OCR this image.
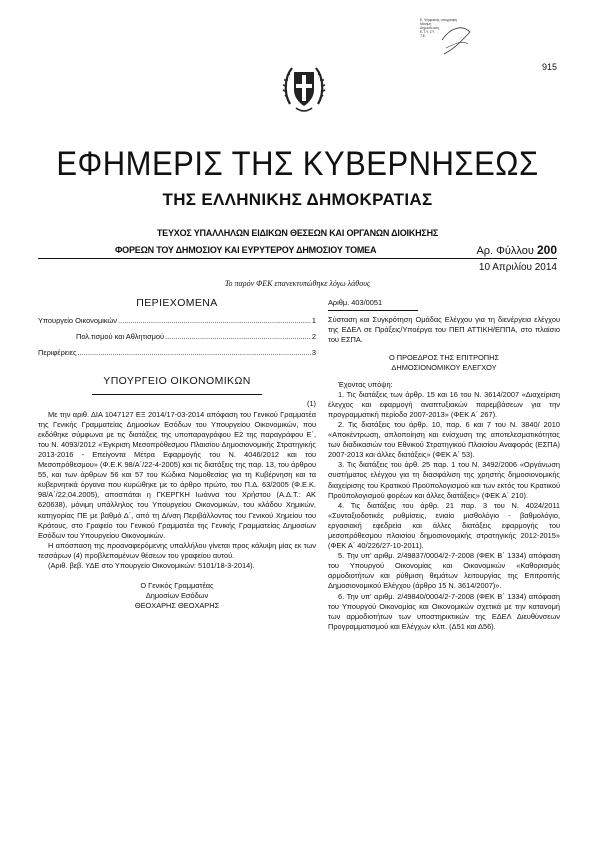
915
Ε. Ψηφιακής υπογραφή
Μόνιμη
Δημοσίευση
Ε.Τ.Υ. ΣΥ
Τ.Ε.
ΕΦΗΜΕΡΙΣ ΤΗΣ ΚΥΒΕΡΝΗΣΕΩΣ
ΤΗΣ ΕΛΛΗΝΙΚΗΣ ΔΗΜΟΚΡΑΤΙΑΣ
ΤΕΥΧΟΣ ΥΠΑΛΛΗΛΩΝ ΕΙΔΙΚΩΝ ΘΕΣΕΩΝ ΚΑΙ ΟΡΓΑΝΩΝ ΔΙΟΙΚΗΣΗΣ
ΦΟΡΕΩΝ ΤΟΥ ΔΗΜΟΣΙΟΥ ΚΑΙ ΕΥΡΥΤΕΡΟΥ ΔΗΜΟΣΙΟΥ ΤΟΜΕΑ	Αρ. Φύλλου 200
10 Απριλίου 2014
Το παρόν ΦΕΚ επανεκτυπώθηκε λόγω λάθους
ΠΕΡΙΕΧΟΜΕΝΑ
Υπουργείο Οικονομικών .....	1
Πολ.τισμού και Αθλητισμού .....	2
Περιφέρειες .....	3
ΥΠΟΥΡΓΕΙΟ ΟΙΚΟΝΟΜΙΚΩΝ
(1)

Με την αριθ. ΔΙΑ 1047127 ΕΞ 2014/17-03-2014 απόφαση του Γενικού Γραμματέα της Γενικής Γραμματείας Δημοσίων Εσόδων του Υπουργείου Οικονομικών, που εκδόθηκε σύμφωνα με τις διατάξεις της υποπαραγράφου Ε2 της παραγράφου Ε΄, του Ν. 4093/2012 «Έγκριση Μεσοπρόθεσμου Πλαισίου Δημοσιονομικής Στρατηγικής 2013-2016 - Επείγοντα Μέτρα Εφαρμογής του Ν. 4046/2012 και του Μεσοπρόθεσμου» (Φ.Ε.Κ 98/Α΄/22-4-2005) και τις διατάξεις της παρ. 13, του άρθρου 55, και των άρθρων 56 και 57 του Κώδικα Νομοθεσίας για τη Κυβέρνηση και τα κυβερνητικά όργανα που κυρώθηκε με το άρθρο πρώτο, του Π.Δ. 63/2005 (Φ.Ε.Κ. 98/Α΄/22.04.2005), αποσπάται η ΓΚΕΡΓΚΗ Ιωάννα του Χρήστου (Α.Δ.Τ.: ΑΚ 620638), μόνιμη υπάλληλος του Υπουργείου Οικονομικών, του κλάδου Χημικών, κατηγορίας ΠΕ με βαθμό Δ΄, από τη Δ/νση Περιβάλλοντος του Γενικού Χημείου του Κράτους, στο Γραφείο του Γενικού Γραμματέα της Γενικής Γραμματείας Δημοσίων Εσόδων του Υπουργείου Οικονομικών.

Η απόσπαση της προαναφερόμενης υπαλλήλου γίνεται προς κάλυψη μίας εκ των τεσσάρων (4) προβλεπομένων θέσεων του γραφείου αυτού.

(Αριθ. βεβ. ΥΔΕ στο Υπουργείο Οικονομικών: 5101/18-3-2014).

Ο Γενικός Γραμματέας

Δημοσίων Εσόδων

ΘΕΟΧΑΡΗΣ ΘΕΟΧΑΡΗΣ

Αριθμ. 403/0051

Σύσταση και Συγκρότηση Ομάδας Ελέγχου για τη διενέργεια ελέγχου της ΕΔΕΛ σε Πράξεις/Υποέργα του ΠΕΠ ΑΤΤΙΚΗ/ΕΠΠΑ, στο πλαίσιο του ΕΣΠΑ.

Ο ΠΡΟΕΔΡΟΣ ΤΗΣ ΕΠΙΤΡΟΠΗΣ

ΔΗΜΟΣΙΟΝΟΜΙΚΟΥ ΕΛΕΓΧΟΥ

Έχοντας υπόψη:

1. Τις διατάξεις των άρθρ. 15 και 16 του Ν. 3614/2007 «Διαχείριση έλεγχος και εφαρμογή αναπτυξιακών παρεμβάσεων για την προγραμματική περίοδο 2007-2013» (ΦΕΚ Α΄ 267).

2. Τις διατάξεις του άρθρ. 10, παρ. 6 και 7 του Ν. 3840/ 2010 «Αποκέντρωση, απλοποίηση και ενίσχυση της αποτελεσματικότητας των διαδικασιών του Εθνικού Στρατηγικού Πλαισίου Αναφοράς (ΕΣΠΑ) 2007-2013 και άλλες διατάξεις» (ΦΕΚ Α΄ 53).

3. Τις διατάξεις του άρθ. 25 παρ. 1 του Ν. 3492/2006 «Οργάνωση συστήματος ελέγχου για τη διασφάλιση της χρηστής δημοσιονομικής διαχείρισης του Κρατικού Προϋπολογισμού και των εκτός του Κρατικού Προϋπολογισμού φορέων και άλλες διατάξεις» (ΦΕΚ Α΄ 210).

4. Τις διατάξεις του άρθρ. 21 παρ. 3 του Ν. 4024/2011 «Συνταξιοδοτικές ρυθμίσεις, ενιαίο μισθολόγιο - βαθμολόγιο, εργασιακή εφεδρεία και άλλες διατάξεις εφαρμογής του μεσοπρόθεσμου πλαισίου δημοσιονομικής στρατηγικής 2012-2015» (ΦΕΚ Α΄ 40/226/27-10-2011).

5. Την υπ' αριθμ. 2/49837/0004/2-7-2008 (ΦΕΚ Β΄ 1334) απόφαση του Υπουργού Οικονομίας και Οικονομικών «Καθορισμός αρμοδιοτήτων και ρύθμιση θεμάτων λειτουργίας της Επιτροπής Δημοσιονομικού Ελέγχου (άρθρο 15 Ν. 3614/2007)».

6. Την υπ' αριθμ. 2/49840/0004/2-7-2008 (ΦΕΚ Β΄ 1334) απόφαση του Υπουργού Οικονομίας και Οικονομικών σχετικά με την κατανομή των αρμοδιοτήτων των υποστηρικτικών της ΕΔΕΛ Διευθύνσεων Προγραμματισμού και Ελέγχων κλπ. (Δ51 και Δ56).
